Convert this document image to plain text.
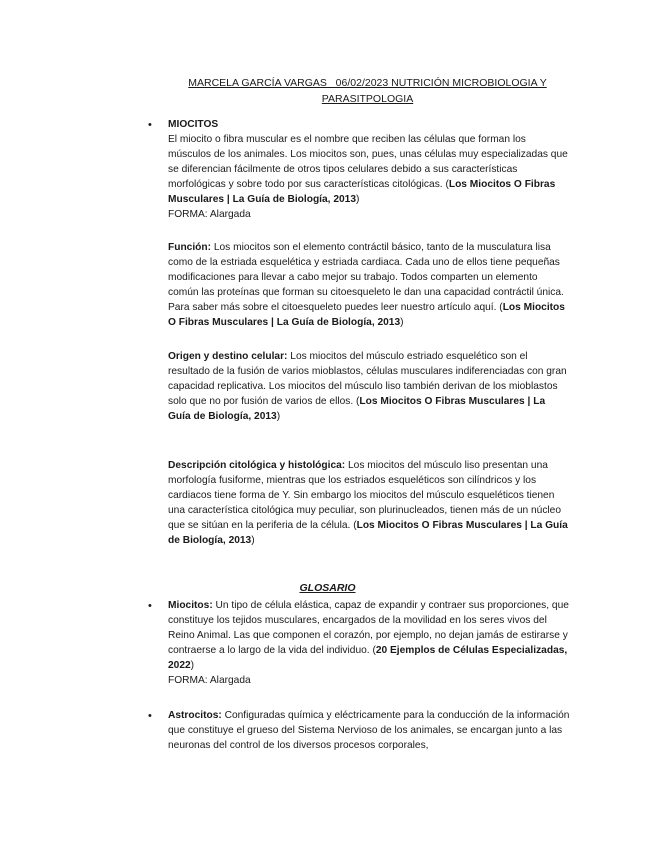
MARCELA GARCÍA VARGAS   06/02/2023 NUTRICIÓN MICROBIOLOGIA Y
PARASITPOLOGIA
• MIOCITOS
El miocito o fibra muscular es el nombre que reciben las células que forman los músculos de los animales. Los miocitos son, pues, unas células muy especializadas que se diferencian fácilmente de otros tipos celulares debido a sus características morfológicas y sobre todo por sus características citológicas. (Los Miocitos O Fibras Musculares | La Guía de Biología, 2013)
FORMA: Alargada

Función: Los miocitos son el elemento contráctil básico, tanto de la musculatura lisa como de la estriada esquelética y estriada cardiaca. Cada uno de ellos tiene pequeñas modificaciones para llevar a cabo mejor su trabajo. Todos comparten un elemento común las proteínas que forman su citoesqueleto le dan una capacidad contráctil única. Para saber más sobre el citoesqueleto puedes leer nuestro artículo aquí. (Los Miocitos O Fibras Musculares | La Guía de Biología, 2013)

Origen y destino celular: Los miocitos del músculo estriado esquelético son el resultado de la fusión de varios mioblastos, células musculares indiferenciadas con gran capacidad replicativa. Los miocitos del músculo liso también derivan de los mioblastos solo que no por fusión de varios de ellos. (Los Miocitos O Fibras Musculares | La Guía de Biología, 2013)

Descripción citológica y histológica: Los miocitos del músculo liso presentan una morfología fusiforme, mientras que los estriados esqueléticos son cilíndricos y los cardiacos tiene forma de Y. Sin embargo los miocitos del músculo esqueléticos tienen una característica citológica muy peculiar, son plurinucleados, tienen más de un núcleo que se sitúan en la periferia de la célula. (Los Miocitos O Fibras Musculares | La Guía de Biología, 2013)

GLOSARIO
• Miocitos: Un tipo de célula elástica, capaz de expandir y contraer sus proporciones, que constituye los tejidos musculares, encargados de la movilidad en los seres vivos del Reino Animal. Las que componen el corazón, por ejemplo, no dejan jamás de estirarse y contraerse a lo largo de la vida del individuo. (20 Ejemplos de Células Especializadas, 2022)
FORMA: Alargada

• Astrocitos: Configuradas química y eléctricamente para la conducción de la información que constituye el grueso del Sistema Nervioso de los animales, se encargan junto a las neuronas del control de los diversos procesos corporales,
